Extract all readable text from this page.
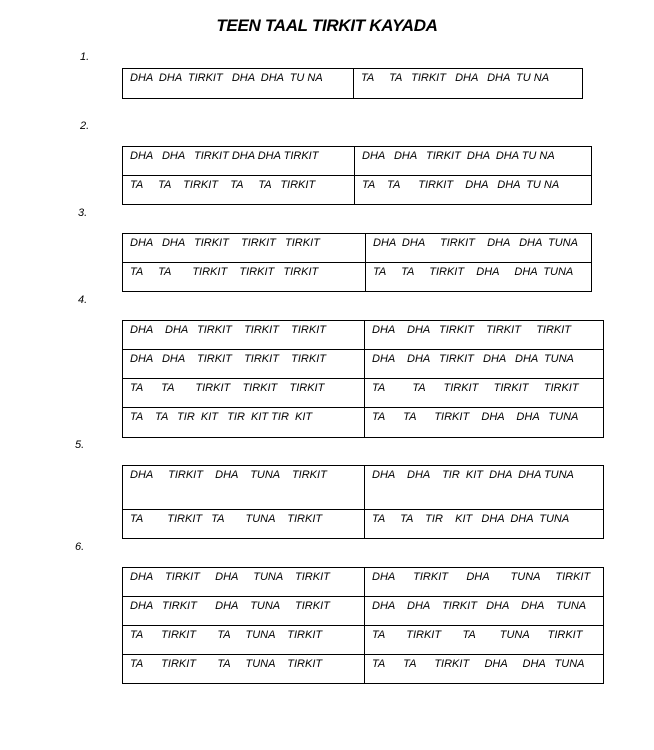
TEEN TAAL TIRKIT KAYADA
1.
DHA  DHA  TIRKIT   DHA  DHA  TU NA	TA     TA   TIRKIT   DHA   DHA  TU NA
2.
DHA   DHA   TIRKIT DHA DHA TIRKIT	DHA   DHA   TIRKIT  DHA  DHA TU NA
TA     TA    TIRKIT    TA     TA   TIRKIT	TA    TA      TIRKIT    DHA   DHA  TU NA
3.
DHA   DHA   TIRKIT    TIRKIT   TIRKIT	DHA  DHA     TIRKIT    DHA   DHA  TUNA
TA     TA       TIRKIT    TIRKIT   TIRKIT	TA     TA     TIRKIT    DHA     DHA  TUNA
4.
DHA    DHA   TIRKIT    TIRKIT    TIRKIT	DHA    DHA   TIRKIT    TIRKIT     TIRKIT
DHA   DHA    TIRKIT    TIRKIT    TIRKIT	DHA    DHA   TIRKIT   DHA   DHA  TUNA
TA      TA       TIRKIT    TIRKIT    TIRKIT	TA         TA      TIRKIT     TIRKIT     TIRKIT
TA    TA   TIR  KIT   TIR  KIT TIR  KIT	TA      TA      TIRKIT    DHA    DHA   TUNA
5.
DHA     TIRKIT    DHA    TUNA    TIRKIT	DHA    DHA    TIR  KIT  DHA  DHA TUNA
TA        TIRKIT   TA       TUNA    TIRKIT	TA     TA    TIR    KIT   DHA  DHA  TUNA
6.
DHA    TIRKIT     DHA     TUNA    TIRKIT	DHA      TIRKIT      DHA       TUNA     TIRKIT
DHA   TIRKIT      DHA    TUNA     TIRKIT	DHA    DHA    TIRKIT   DHA    DHA    TUNA
TA      TIRKIT       TA     TUNA    TIRKIT	TA       TIRKIT       TA        TUNA      TIRKIT
TA      TIRKIT       TA     TUNA    TIRKIT	TA      TA      TIRKIT     DHA     DHA   TUNA
